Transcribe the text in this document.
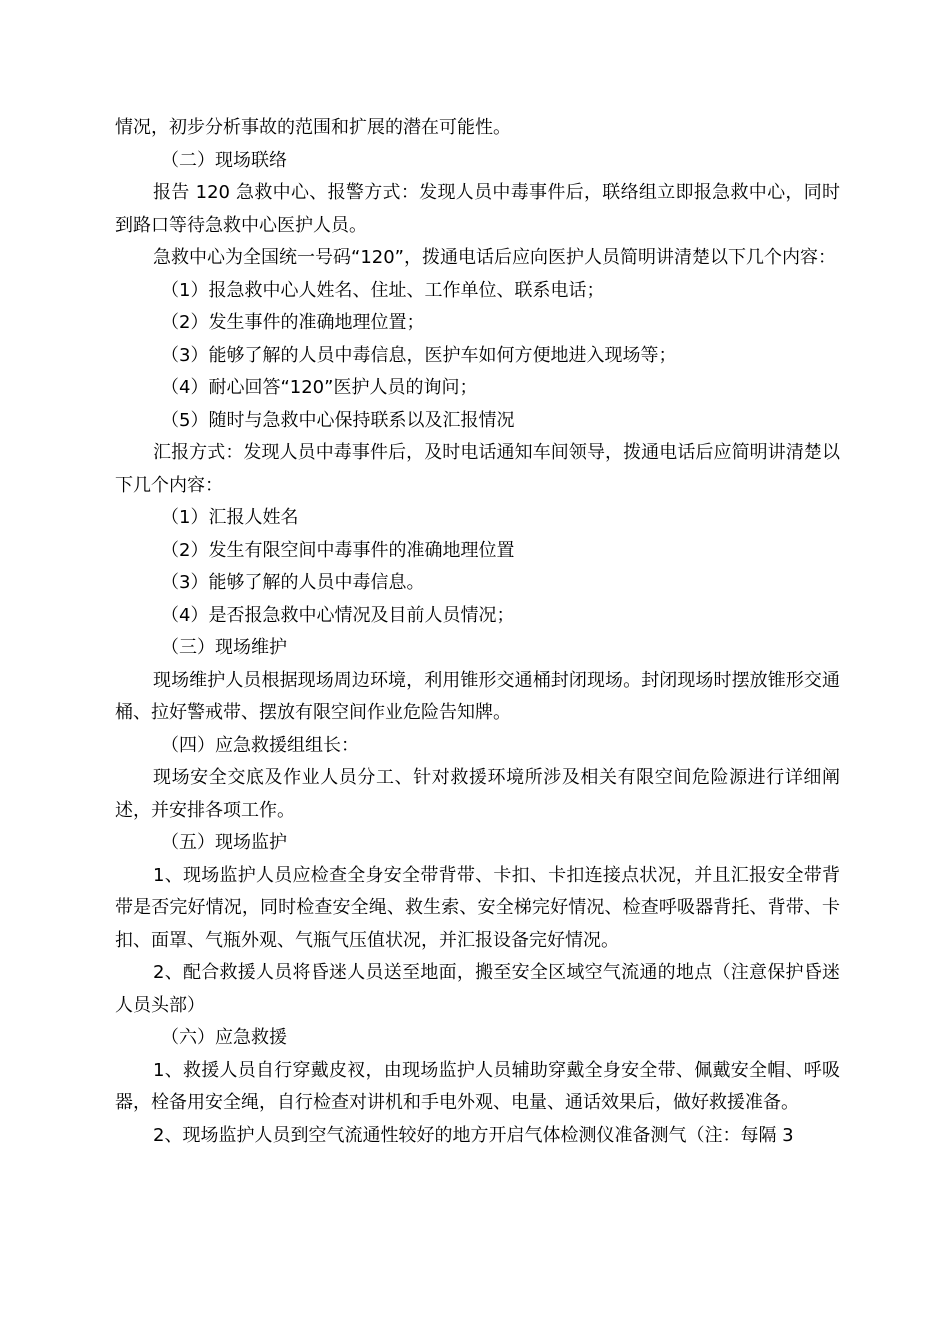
情况，初步分析事故的范围和扩展的潜在可能性。

（二）现场联络

报告 120 急救中心、报警方式：发现人员中毒事件后，联络组立即报急救中心，同时到路口等待急救中心医护人员。

急救中心为全国统一号码“120”，拨通电话后应向医护人员简明讲清楚以下几个内容：

（1）报急救中心人姓名、住址、工作单位、联系电话；

（2）发生事件的准确地理位置；

（3）能够了解的人员中毒信息，医护车如何方便地进入现场等；

（4）耐心回答“120”医护人员的询问；

（5）随时与急救中心保持联系以及汇报情况

汇报方式：发现人员中毒事件后，及时电话通知车间领导，拨通电话后应简明讲清楚以下几个内容：

（1）汇报人姓名

（2）发生有限空间中毒事件的准确地理位置

（3）能够了解的人员中毒信息。

（4）是否报急救中心情况及目前人员情况；

（三）现场维护

现场维护人员根据现场周边环境，利用锥形交通桶封闭现场。封闭现场时摆放锥形交通桶、拉好警戒带、摆放有限空间作业危险告知牌。

（四）应急救援组组长：

现场安全交底及作业人员分工、针对救援环境所涉及相关有限空间危险源进行详细阐述，并安排各项工作。

（五）现场监护

1、现场监护人员应检查全身安全带背带、卡扣、卡扣连接点状况，并且汇报安全带背带是否完好情况，同时检查安全绳、救生索、安全梯完好情况、检查呼吸器背托、背带、卡扣、面罩、气瓶外观、气瓶气压值状况，并汇报设备完好情况。

2、配合救援人员将昏迷人员送至地面，搬至安全区域空气流通的地点（注意保护昏迷人员头部）

（六）应急救援

1、救援人员自行穿戴皮衩，由现场监护人员辅助穿戴全身安全带、佩戴安全帽、呼吸器，栓备用安全绳，自行检查对讲机和手电外观、电量、通话效果后，做好救援准备。

2、现场监护人员到空气流通性较好的地方开启气体检测仪准备测气（注：每隔 3
